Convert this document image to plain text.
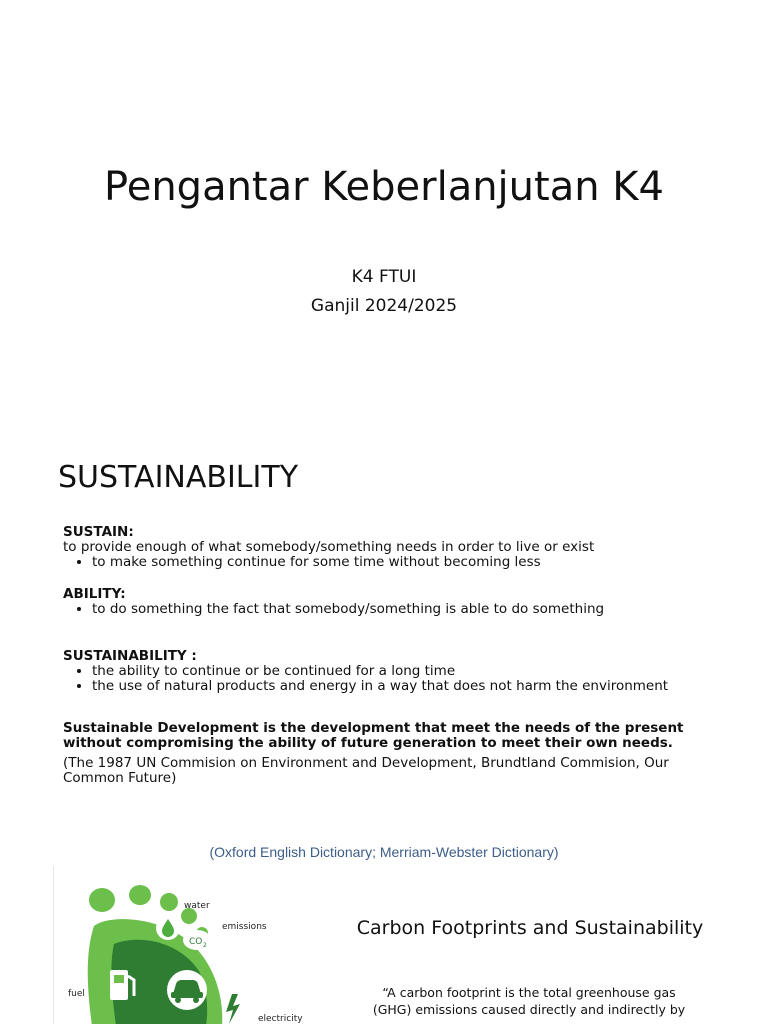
Pengantar Keberlanjutan K4
K4 FTUI
Ganjil 2024/2025
SUSTAINABILITY
SUSTAIN:
to provide enough of what somebody/something needs in order to live or exist
• to make something continue for some time without becoming less
ABILITY:
• to do something the fact that somebody/something is able to do something
SUSTAINABILITY :
• the ability to continue or be continued for a long time
• the use of natural products and energy in a way that does not harm the environment
Sustainable Development is the development that meet the needs of the present without compromising the ability of future generation to meet their own needs.
(The 1987 UN Commision on Environment and Development, Brundtland Commision, Our Common Future)
(Oxford English Dictionary; Merriam-Webster Dictionary)
CO 2
water
emissions
fuel
electricity
Carbon Footprints and Sustainability
“A carbon footprint is the total greenhouse gas (GHG) emissions caused directly and indirectly by
